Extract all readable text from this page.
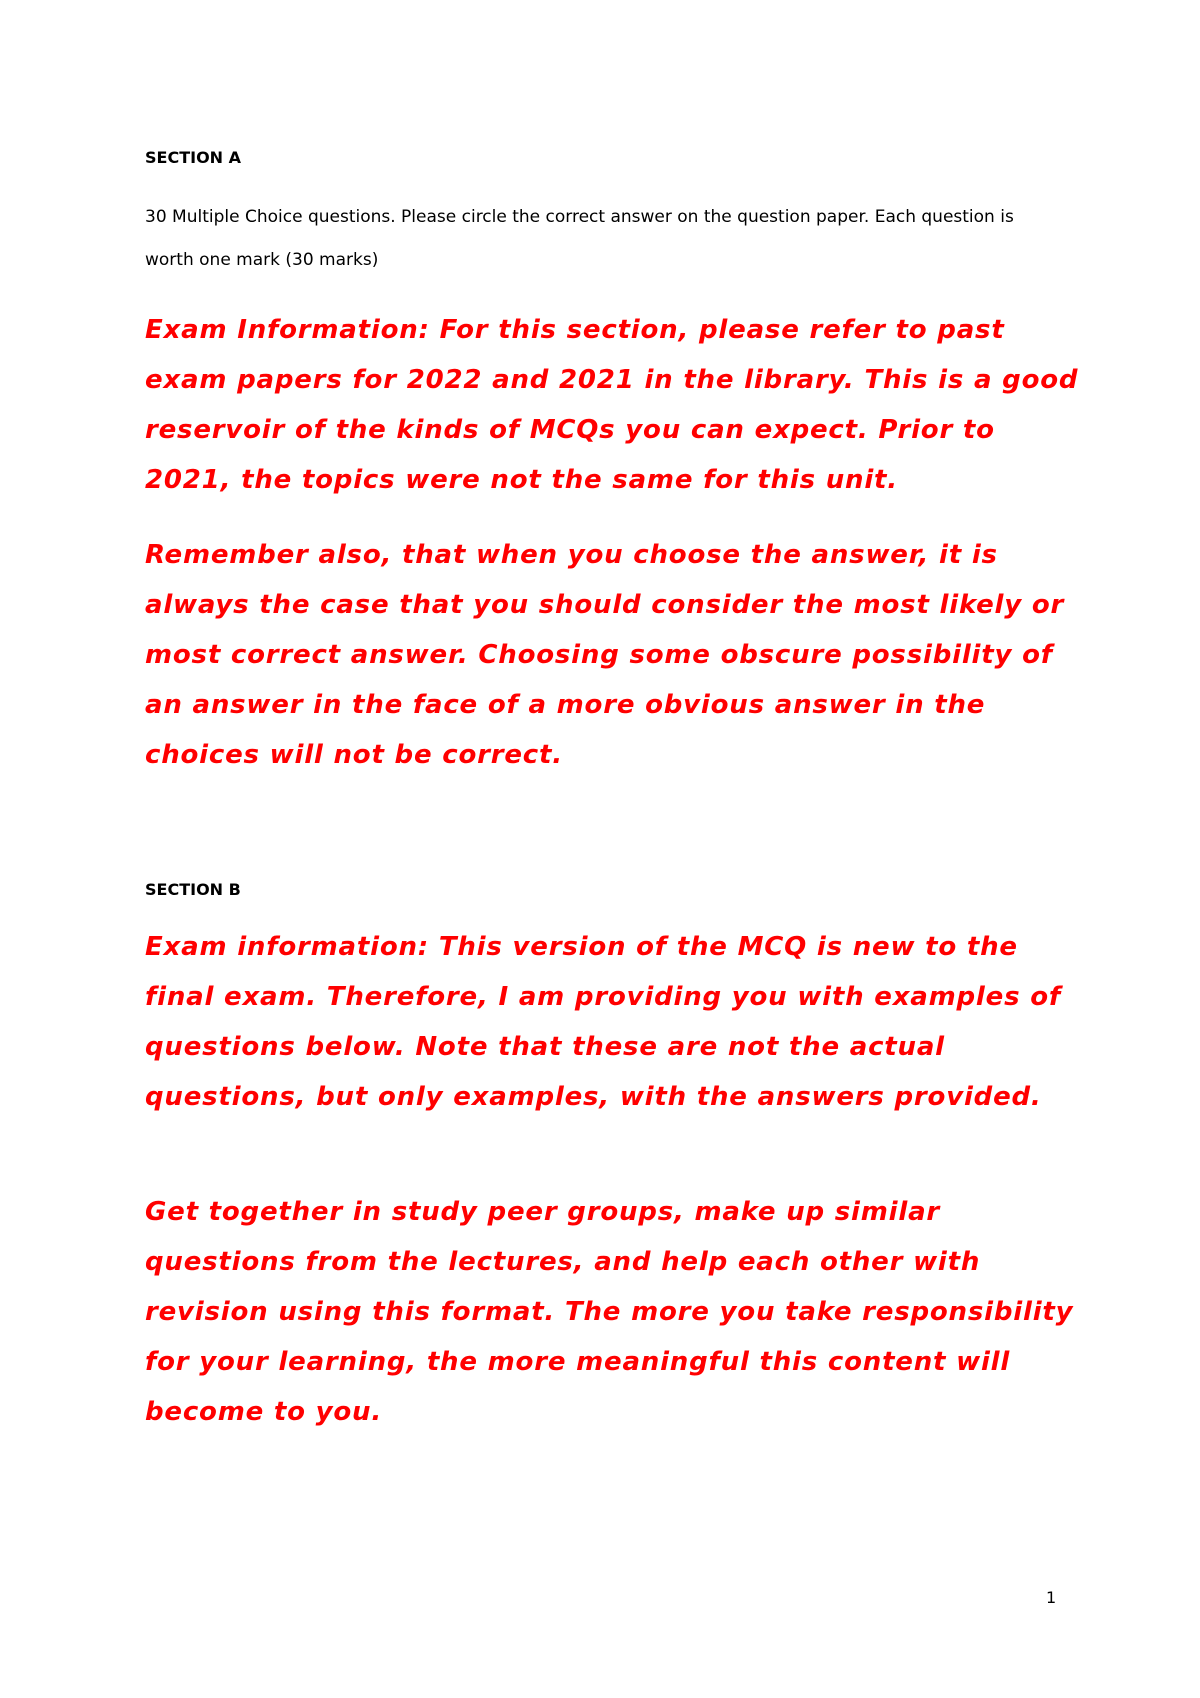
SECTION A
30 Multiple Choice questions. Please circle the correct answer on the question paper. Each question is worth one mark (30 marks)
Exam Information: For this section, please refer to past exam papers for 2022 and 2021 in the library. This is a good reservoir of the kinds of MCQs you can expect. Prior to 2021, the topics were not the same for this unit.
Remember also, that when you choose the answer, it is always the case that you should consider the most likely or most correct answer. Choosing some obscure possibility of an answer in the face of a more obvious answer in the choices will not be correct.
SECTION B
Exam information: This version of the MCQ is new to the final exam. Therefore, I am providing you with examples of questions below. Note that these are not the actual questions, but only examples, with the answers provided.
Get together in study peer groups, make up similar questions from the lectures, and help each other with revision using this format. The more you take responsibility for your learning, the more meaningful this content will become to you.
1
